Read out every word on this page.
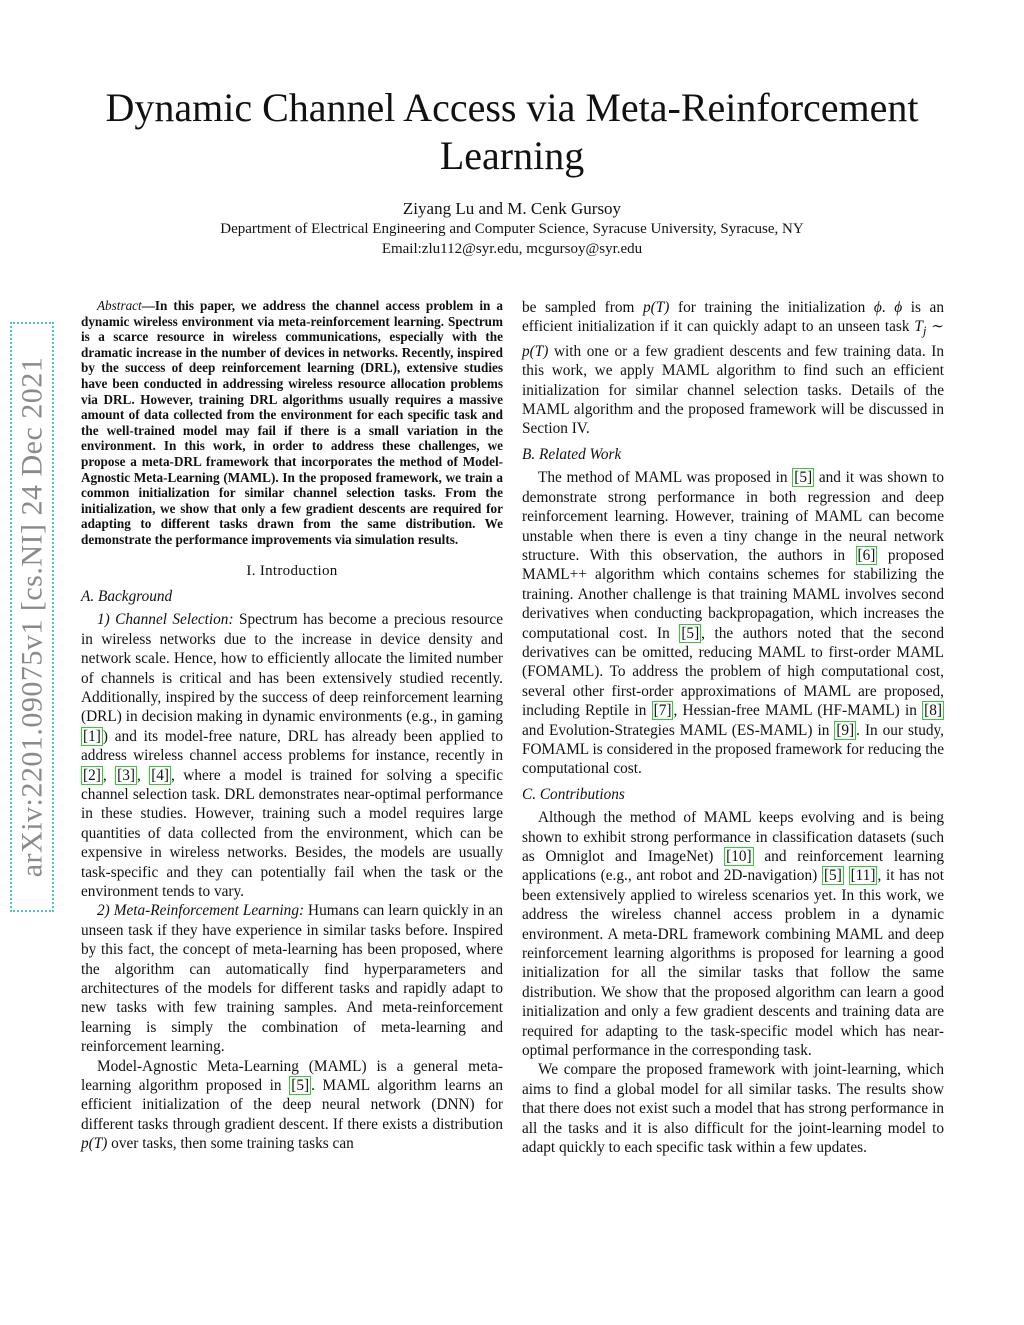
Dynamic Channel Access via Meta-Reinforcement Learning
Ziyang Lu and M. Cenk Gursoy
Department of Electrical Engineering and Computer Science, Syracuse University, Syracuse, NY
Email:zlu112@syr.edu, mcgursoy@syr.edu
arXiv:2201.09075v1 [cs.NI] 24 Dec 2021

Abstract—In this paper, we address the channel access problem in a dynamic wireless environment via meta-reinforcement learning. Spectrum is a scarce resource in wireless communications, especially with the dramatic increase in the number of devices in networks. Recently, inspired by the success of deep reinforcement learning (DRL), extensive studies have been conducted in addressing wireless resource allocation problems via DRL. However, training DRL algorithms usually requires a massive amount of data collected from the environment for each specific task and the well-trained model may fail if there is a small variation in the environment. In this work, in order to address these challenges, we propose a meta-DRL framework that incorporates the method of Model-Agnostic Meta-Learning (MAML). In the proposed framework, we train a common initialization for similar channel selection tasks. From the initialization, we show that only a few gradient descents are required for adapting to different tasks drawn from the same distribution. We demonstrate the performance improvements via simulation results.

I. Introduction
A. Background

1) Channel Selection: Spectrum has become a precious resource in wireless networks due to the increase in device density and network scale. Hence, how to efficiently allocate the limited number of channels is critical and has been extensively studied recently. Additionally, inspired by the success of deep reinforcement learning (DRL) in decision making in dynamic environments (e.g., in gaming [1] ) and its model-free nature, DRL has already been applied to address wireless channel access problems for instance, recently in [2] , [3] , [4] , where a model is trained for solving a specific channel selection task. DRL demonstrates near-optimal performance in these studies. However, training such a model requires large quantities of data collected from the environment, which can be expensive in wireless networks. Besides, the models are usually task-specific and they can potentially fail when the task or the environment tends to vary.

2) Meta-Reinforcement Learning: Humans can learn quickly in an unseen task if they have experience in similar tasks before. Inspired by this fact, the concept of meta-learning has been proposed, where the algorithm can automatically find hyperparameters and architectures of the models for different tasks and rapidly adapt to new tasks with few training samples. And meta-reinforcement learning is simply the combination of meta-learning and reinforcement learning.

Model-Agnostic Meta-Learning (MAML) is a general meta-learning algorithm proposed in [5] . MAML algorithm learns an efficient initialization of the deep neural network (DNN) for different tasks through gradient descent. If there exists a distribution p(T) over tasks, then some training tasks can

be sampled from p(T) for training the initialization ϕ. ϕ is an efficient initialization if it can quickly adapt to an unseen task $T_j$ ∼ p(T) with one or a few gradient descents and few training data. In this work, we apply MAML algorithm to find such an efficient initialization for similar channel selection tasks. Details of the MAML algorithm and the proposed framework will be discussed in Section IV.

B. Related Work

The method of MAML was proposed in [5] and it was shown to demonstrate strong performance in both regression and deep reinforcement learning. However, training of MAML can become unstable when there is even a tiny change in the neural network structure. With this observation, the authors in [6] proposed MAML++ algorithm which contains schemes for stabilizing the training. Another challenge is that training MAML involves second derivatives when conducting backpropagation, which increases the computational cost. In [5] , the authors noted that the second derivatives can be omitted, reducing MAML to first-order MAML (FOMAML). To address the problem of high computational cost, several other first-order approximations of MAML are proposed, including Reptile in [7] , Hessian-free MAML (HF-MAML) in [8] and Evolution-Strategies MAML (ES-MAML) in [9] . In our study, FOMAML is considered in the proposed framework for reducing the computational cost.

C. Contributions

Although the method of MAML keeps evolving and is being shown to exhibit strong performance in classification datasets (such as Omniglot and ImageNet) [10] and reinforcement learning applications (e.g., ant robot and 2D-navigation) [5] [11] , it has not been extensively applied to wireless scenarios yet. In this work, we address the wireless channel access problem in a dynamic environment. A meta-DRL framework combining MAML and deep reinforcement learning algorithms is proposed for learning a good initialization for all the similar tasks that follow the same distribution. We show that the proposed algorithm can learn a good initialization and only a few gradient descents and training data are required for adapting to the task-specific model which has near-optimal performance in the corresponding task.

We compare the proposed framework with joint-learning, which aims to find a global model for all similar tasks. The results show that there does not exist such a model that has strong performance in all the tasks and it is also difficult for the joint-learning model to adapt quickly to each specific task within a few updates.
